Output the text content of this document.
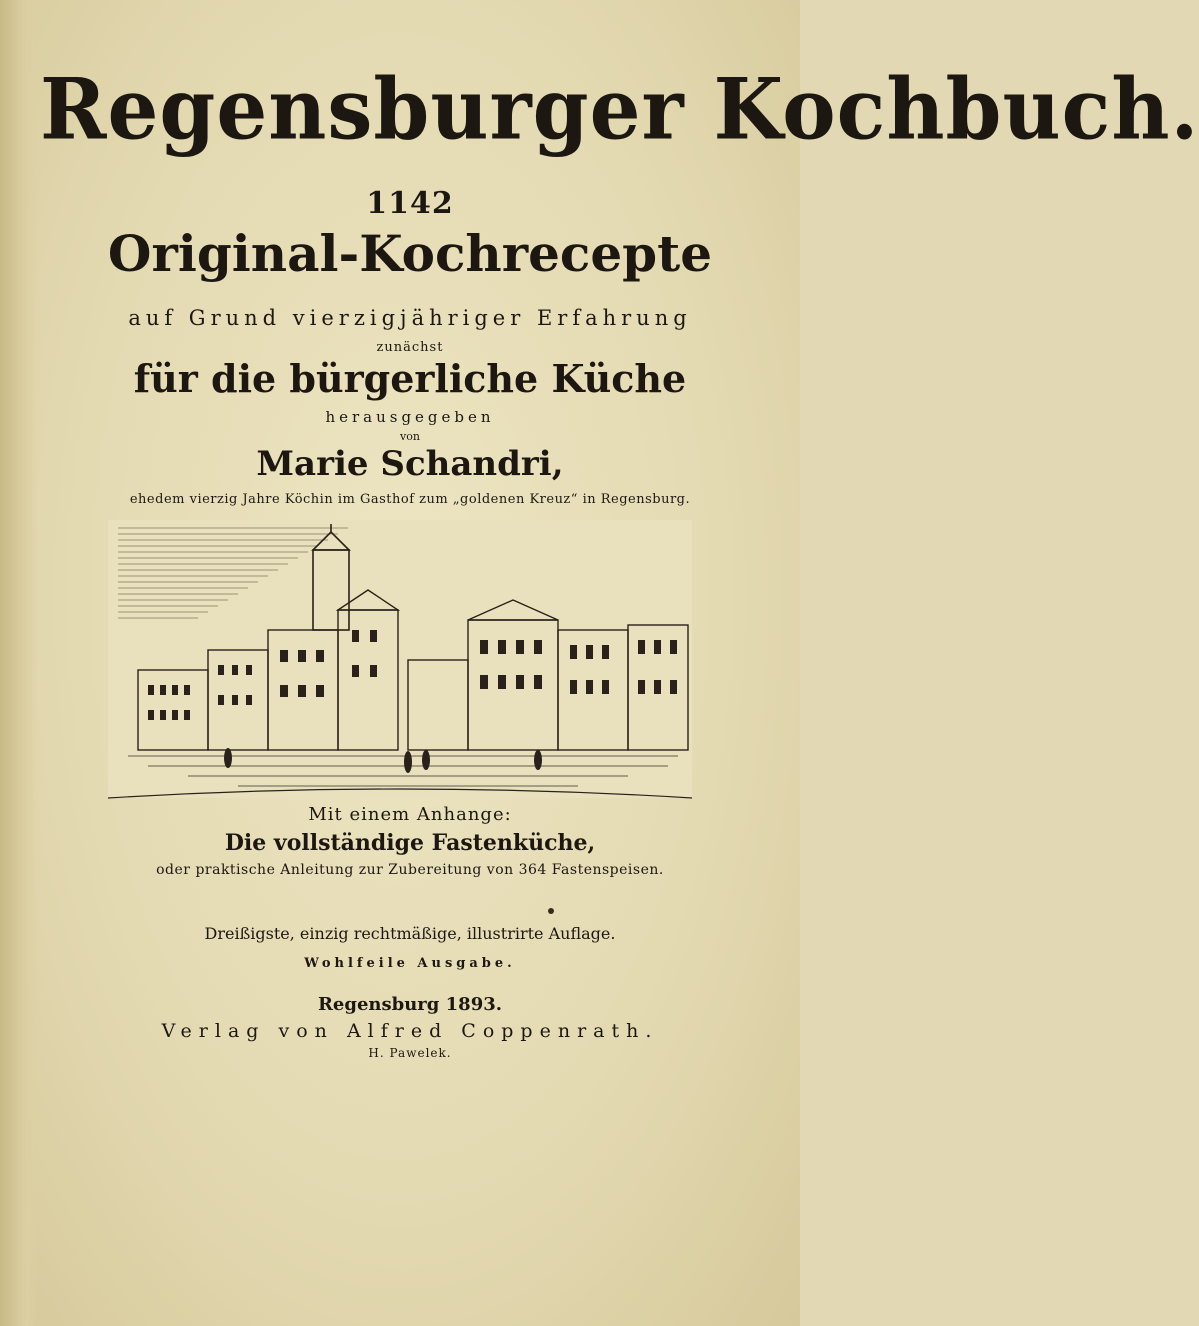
Regensburger Kochbuch.
1142
Original-Kochrecepte
auf Grund vierzigjähriger Erfahrung
zunächst
für die bürgerliche Küche
herausgegeben
von
Marie Schandri,
ehedem vierzig Jahre Köchin im Gasthof zum „goldenen Kreuz“ in Regensburg.
Mit einem Anhange:
Die vollständige Fastenküche,
oder praktische Anleitung zur Zubereitung von 364 Fastenspeisen.
Dreißigste, einzig rechtmäßige, illustrirte Auflage.
Wohlfeile Ausgabe.
Regensburg 1893.
Verlag von Alfred Coppenrath.
H. Pawelek.
